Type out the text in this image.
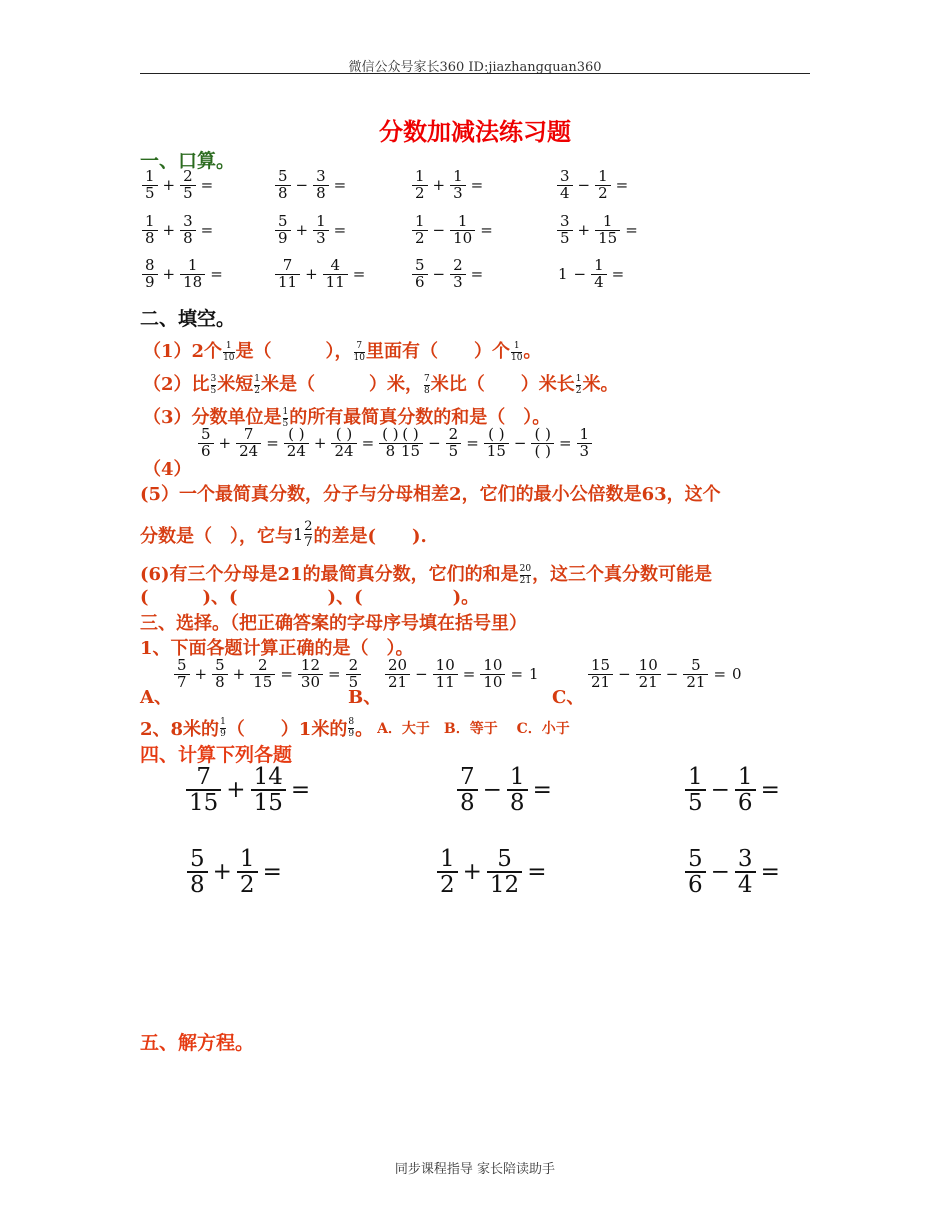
微信公众号家长360 ID:jiazhangquan360
分数加减法练习题
一、口算。
$\frac{1}{5} + \frac{2}{5}$ =	$\frac{5}{8} - \frac{3}{8}$ =	$\frac{1}{2} + \frac{1}{3}$ =	$\frac{3}{4} - \frac{1}{2}$ =
$\frac{1}{8} + \frac{3}{8}$ =	$\frac{5}{9} + \frac{1}{3}$ =	$\frac{1}{2} - \frac{1}{10}$ =	$\frac{3}{5} + \frac{1}{15}$ =
$\frac{8}{9} + \frac{1}{18}$ =	$\frac{7}{11} + \frac{4}{11}$ =	$\frac{5}{6} - \frac{2}{3}$ =	$1 - \frac{1}{4}$ =
二、填空。
（1）2个 $\frac{1}{10}$ 是（　　　）， $\frac{7}{10}$ 里面有（　　）个 $\frac{1}{10}$ 。
（2）比 $\frac{3}{5}$ 米短 $\frac{1}{2}$ 米是（　　　）米， $\frac{7}{8}$ 米比（　　）米长 $\frac{1}{2}$ 米。
（3）分数单位是 $\frac{1}{5}$ 的所有最简真分数的和是（　）。
（4）
$\frac{5}{6} + \frac{7}{24} = \frac{( )}{24} + \frac{( )}{24} = \frac{( )}{8}$
$\frac{( )}{15} - \frac{2}{5} = \frac{( )}{15} - \frac{( )}{( )} = \frac{1}{3}$
(5）一个最简真分数，分子与分母相差2，它们的最小公倍数是63，这个
分数是（　），它与 1 2
7 的差是(　　).
(6)有三个分母是21的最简真分数，它们的和是 $\frac{20}{21}$ ，这三个真分数可能是
(　　　)、(　　　　　)、(　　　　　)。
三、选择。（把正确答案的字母序号填在括号里）
1、下面各题计算正确的是（　）。
A、
$\frac{5}{7} + \frac{5}{8} + \frac{2}{15} = \frac{12}{30} = \frac{2}{5}$
B、
$\frac{20}{21} - \frac{10}{11} = \frac{10}{10} = 1$
C、
$\frac{15}{21} - \frac{10}{21} - \frac{5}{21} = 0$
2、8米的 1
9 （　　）1米的 8
9 。 A．大于　B．等于　 C．小于
四、计算下列各题
$\frac{7}{15} + \frac{14}{15}$ =	$\frac{7}{8} - \frac{1}{8}$ =	$\frac{1}{5} - \frac{1}{6}$ =
$\frac{5}{8} + \frac{1}{2}$ =	$\frac{1}{2} + \frac{5}{12}$ =	$\frac{5}{6} - \frac{3}{4}$ =
五、解方程。
同步课程指导 家长陪读助手
